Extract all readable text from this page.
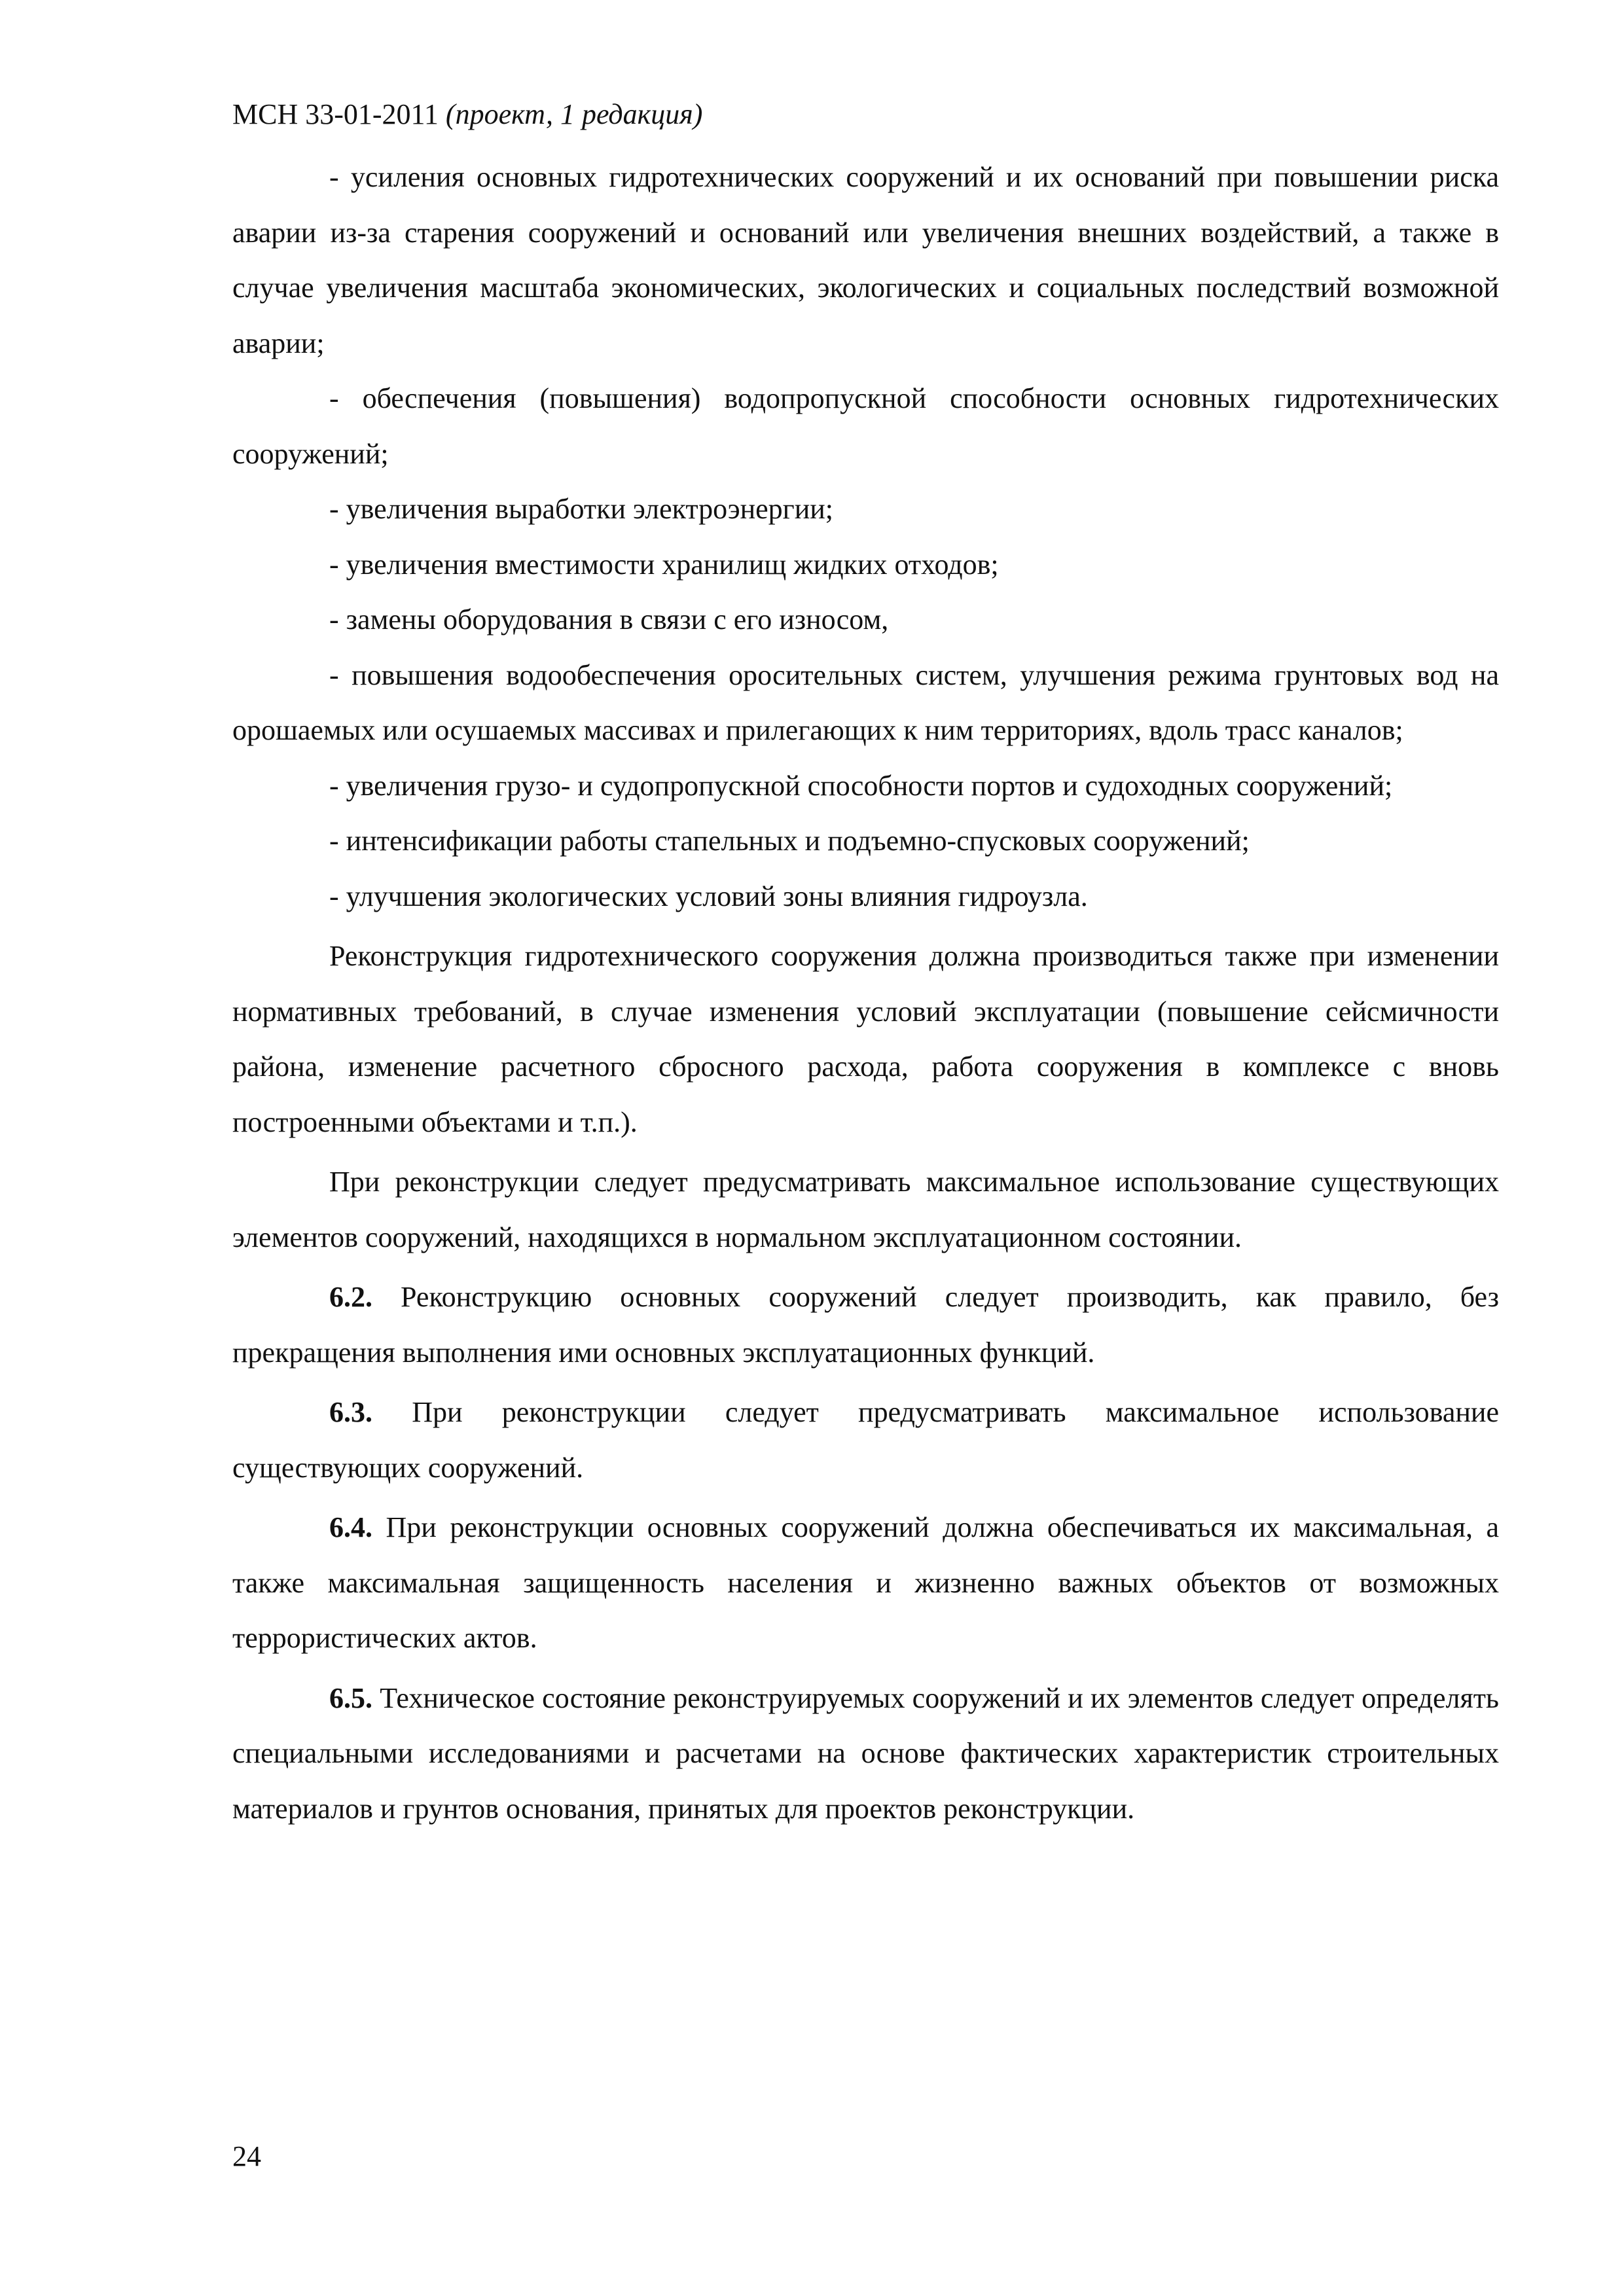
МСН 33-01-2011 (проект, 1 редакция)

- усиления основных гидротехнических сооружений и их оснований при повышении риска аварии из-за старения сооружений и оснований или увеличения внешних воздействий, а также в случае увеличения масштаба экономических, экологических и социальных последствий возможной аварии;

- обеспечения (повышения) водопропускной способности основных гидротехнических сооружений;

- увеличения выработки электроэнергии;

- увеличения вместимости хранилищ жидких отходов;

- замены оборудования в связи с его износом,

- повышения водообеспечения оросительных систем, улучшения режима грунтовых вод на орошаемых или осушаемых массивах и прилегающих к ним территориях, вдоль трасс каналов;

- увеличения грузо- и судопропускной способности портов и судоходных сооружений;

- интенсификации работы стапельных и подъемно-спусковых сооружений;

- улучшения экологических условий зоны влияния гидроузла.

Реконструкция гидротехнического сооружения должна производиться также при изменении нормативных требований, в случае изменения условий эксплуатации (повышение сейсмичности района, изменение расчетного сбросного расхода, работа сооружения в комплексе с вновь построенными объектами и т.п.).

При реконструкции следует предусматривать максимальное использование существующих элементов сооружений, находящихся в нормальном эксплуатационном состоянии.

6.2. Реконструкцию основных сооружений следует производить, как правило, без прекращения выполнения ими основных эксплуатационных функций.

6.3. При реконструкции следует предусматривать максимальное использование существующих сооружений.

6.4. При реконструкции основных сооружений должна обеспечиваться их максимальная, а также максимальная защищенность населения и жизненно важных объектов от возможных террористических актов.

6.5. Техническое состояние реконструируемых сооружений и их элементов следует определять специальными исследованиями и расчетами на основе фактических характеристик строительных материалов и грунтов основания, принятых для проектов реконструкции.

24
